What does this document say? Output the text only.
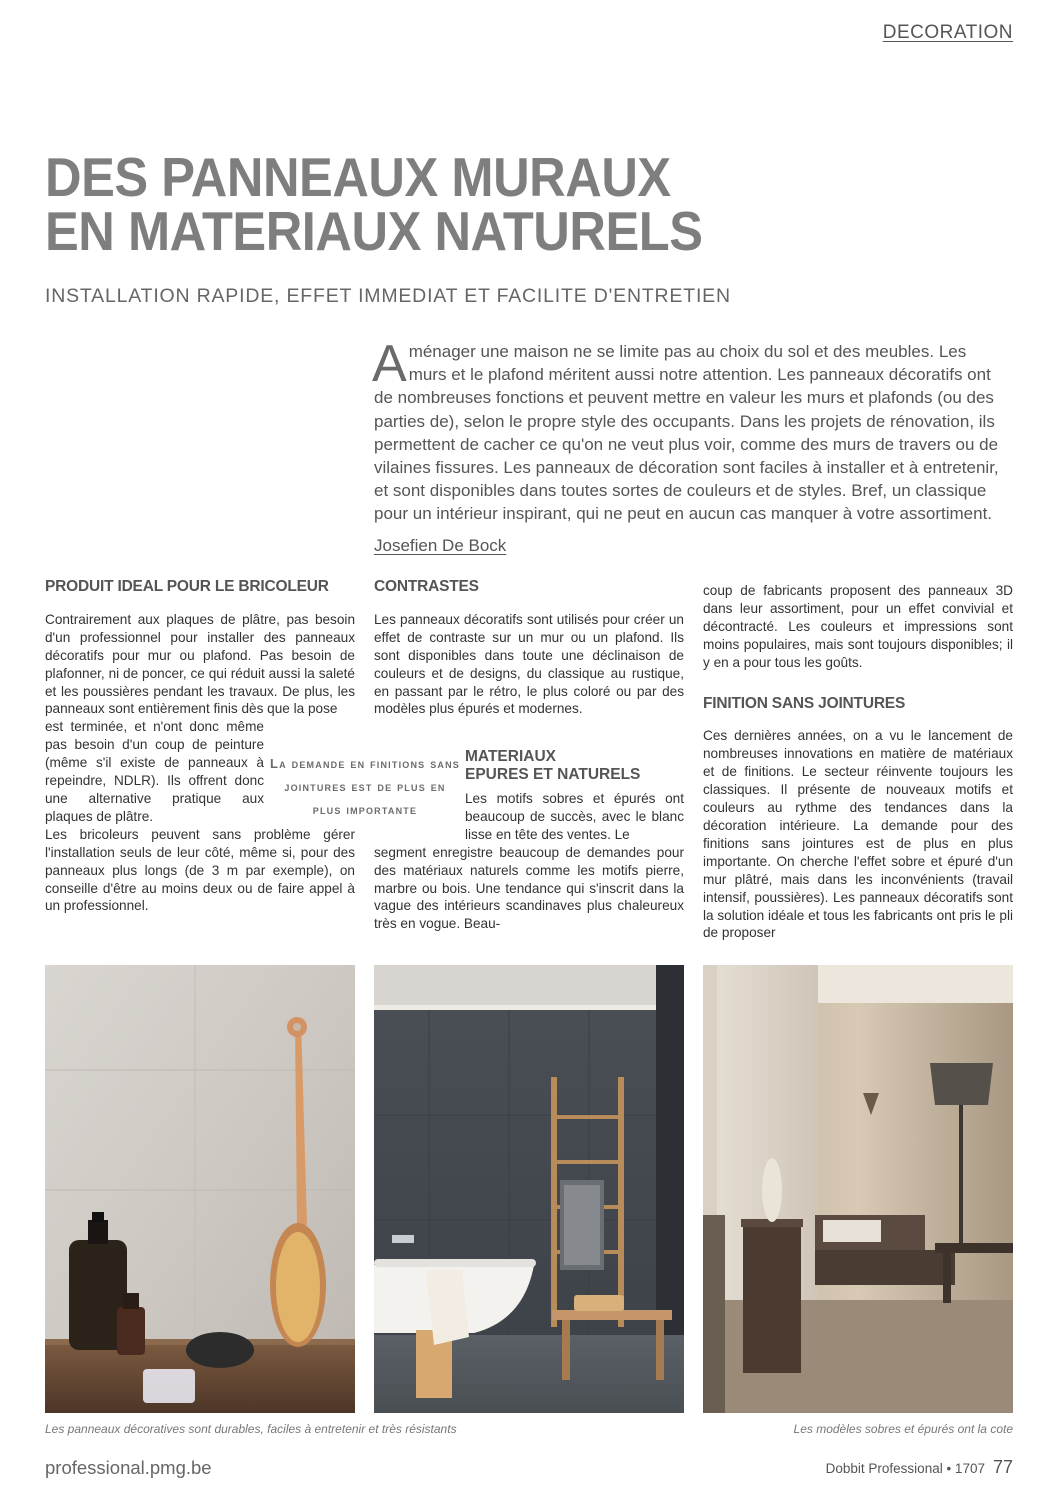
DECORATION
DES PANNEAUX MURAUX
EN MATERIAUX NATURELS
INSTALLATION RAPIDE, EFFET IMMEDIAT ET FACILITE D'ENTRETIEN
Aménager une maison ne se limite pas au choix du sol et des meubles. Les murs et le plafond méritent aussi notre attention. Les panneaux décoratifs ont de nombreuses fonctions et peuvent mettre en valeur les murs et plafonds (ou des parties de), selon le propre style des occupants. Dans les projets de rénovation, ils permettent de cacher ce qu'on ne veut plus voir, comme des murs de travers ou de vilaines fissures. Les panneaux de décoration sont faciles à installer et à entretenir, et sont disponibles dans toutes sortes de couleurs et de styles. Bref, un classique pour un intérieur inspirant, qui ne peut en aucun cas manquer à votre assortiment.
Josefien De Bock
PRODUIT IDEAL POUR LE BRICOLEUR

Contrairement aux plaques de plâtre, pas besoin d'un professionnel pour installer des panneaux décoratifs pour mur ou plafond. Pas besoin de plafonner, ni de poncer, ce qui réduit aussi la saleté et les poussières pendant les travaux. De plus, les panneaux sont entièrement finis dès que la pose

est terminée, et n'ont donc même pas besoin d'un coup de peinture (même s'il existe de panneaux à repeindre, NDLR). Ils offrent donc une alternative pratique aux plaques de plâtre.

Les bricoleurs peuvent sans problème gérer l'installation seuls de leur côté, même si, pour des panneaux plus longs (de 3 m par exemple), on conseille d'être au moins deux ou de faire appel à un professionnel.

La demande en finitions sans jointures est de plus en plus importante
CONTRASTES

Les panneaux décoratifs sont utilisés pour créer un effet de contraste sur un mur ou un plafond. Ils sont disponibles dans toute une déclinaison de couleurs et de designs, du classique au rustique, en passant par le rétro, le plus coloré ou par des modèles plus épurés et modernes.

MATERIAUX
EPURES ET NATURELS

Les motifs sobres et épurés ont beaucoup de succès, avec le blanc lisse en tête des ventes. Le

segment enregistre beaucoup de demandes pour des matériaux naturels comme les motifs pierre, marbre ou bois. Une tendance qui s'inscrit dans la vague des intérieurs scandinaves plus chaleureux très en vogue. Beau-

coup de fabricants proposent des panneaux 3D dans leur assortiment, pour un effet convivial et décontracté. Les couleurs et impressions sont moins populaires, mais sont toujours disponibles; il y en a pour tous les goûts.

FINITION SANS JOINTURES

Ces dernières années, on a vu le lancement de nombreuses innovations en matière de matériaux et de finitions. Le secteur réinvente toujours les classiques. Il présente de nouveaux motifs et couleurs au rythme des tendances dans la décoration intérieure. La demande pour des finitions sans jointures est de plus en plus importante. On cherche l'effet sobre et épuré d'un mur plâtré, mais dans les inconvénients (travail intensif, poussières). Les panneaux décoratifs sont la solution idéale et tous les fabricants ont pris le pli de proposer

Les panneaux décoratives sont durables, faciles à entretenir et très résistants	Les modèles sobres et épurés ont la cote
professional.pmg.be	Dobbit Professional • 1707 77
